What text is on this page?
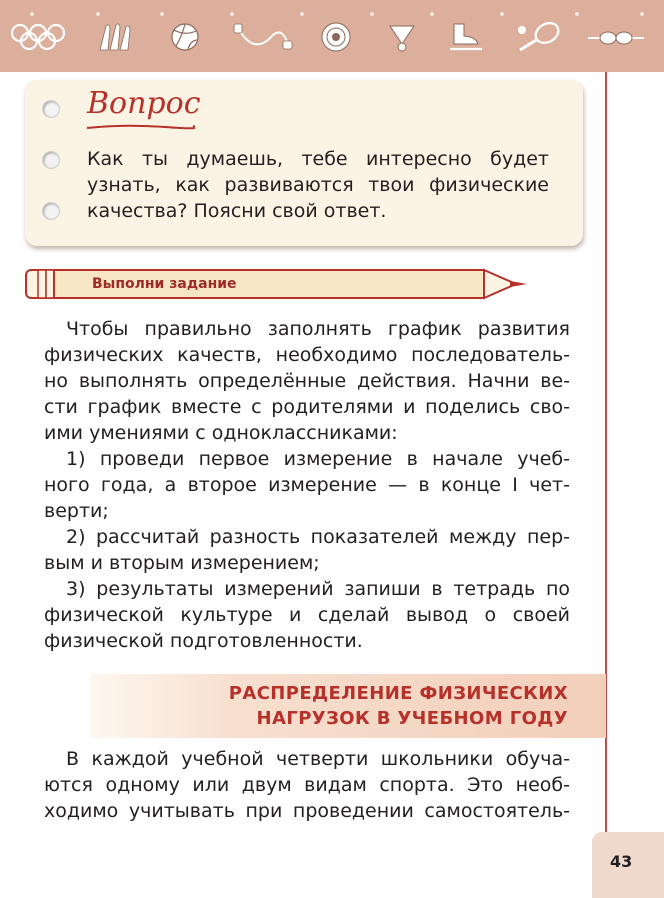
43
Вопрос
Как ты думаешь, тебе интересно будет узнать, как развиваются твои физические качества? Поясни свой ответ.
Выполни задание
Чтобы правильно заполнять график развития
физических качеств, необходимо последователь-
но выполнять определённые действия. Начни ве-
сти график вместе с родителями и поделись сво-
ими умениями с одноклассниками:
1) проведи первое измерение в начале учеб-
ного года, а второе измерение — в конце I чет-
верти;
2) рассчитай разность показателей между пер-
вым и вторым измерением;
3) результаты измерений запиши в тетрадь по
физической культуре и сделай вывод о своей
физической подготовленности.
РАСПРЕДЕЛЕНИЕ ФИЗИЧЕСКИХ
НАГРУЗОК В УЧЕБНОМ ГОДУ
В каждой учебной четверти школьники обуча-
ются одному или двум видам спорта. Это необ-
ходимо учитывать при проведении самостоятель-
